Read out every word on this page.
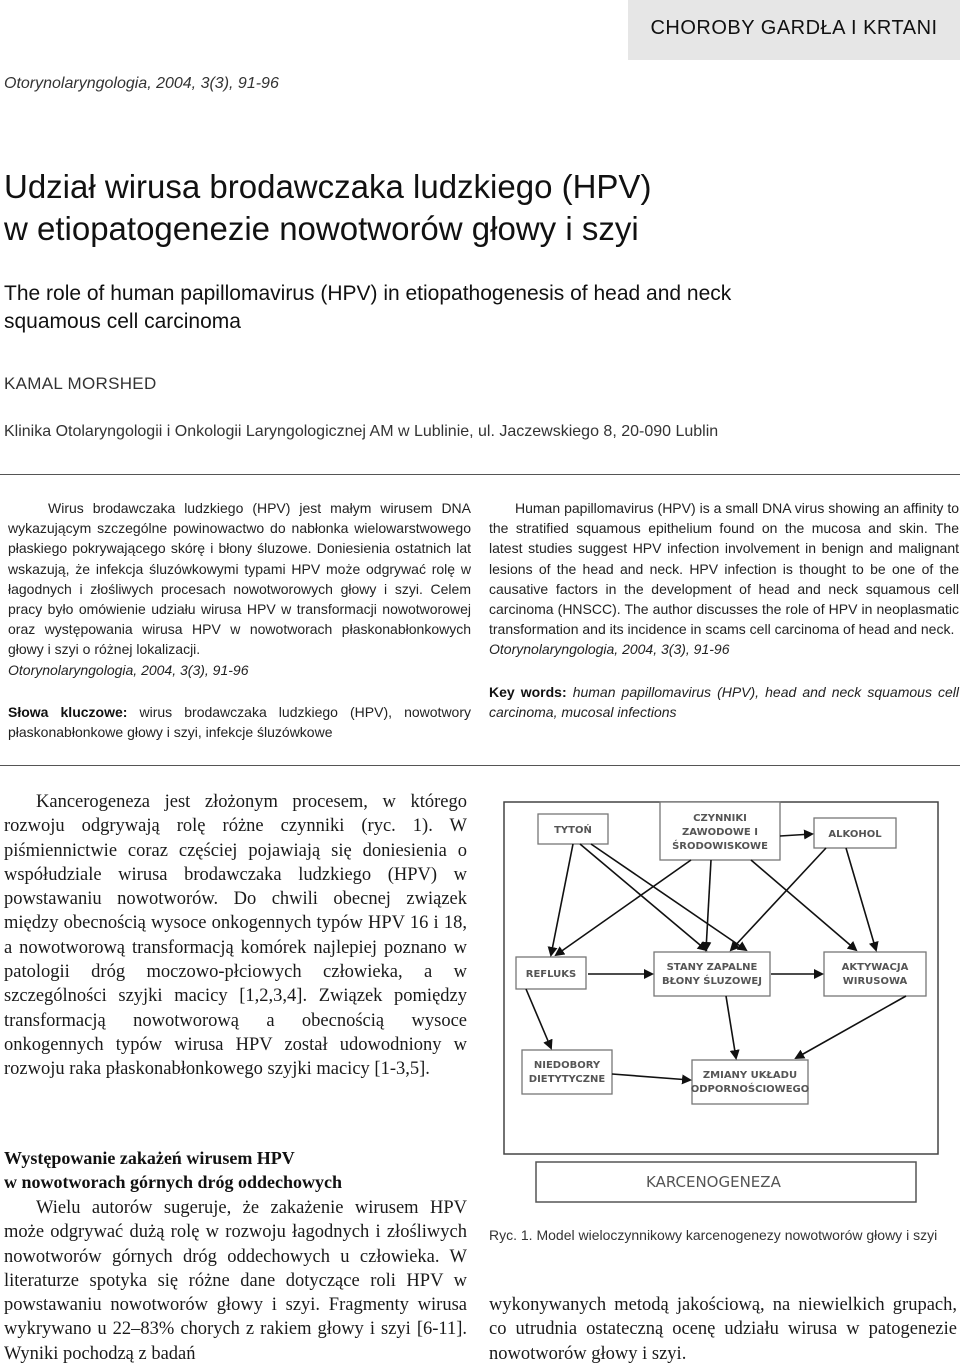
CHOROBY GARDŁA I KRTANI
Otorynolaryngologia, 2004, 3(3), 91-96
Udział wirusa brodawczaka ludzkiego (HPV)
w etiopatogenezie nowotworów głowy i szyi
The role of human papillomavirus (HPV) in etiopathogenesis of head and neck
squamous cell carcinoma
KAMAL MORSHED
Klinika Otolaryngologii i Onkologii Laryngologicznej AM w Lublinie, ul. Jaczewskiego 8, 20-090 Lublin

Wirus brodawczaka ludzkiego (HPV) jest małym wirusem DNA wykazującym szczególne powinowactwo do nabłonka wielowarstwowego płaskiego pokrywającego skórę i błony śluzowe. Doniesienia ostatnich lat wskazują, że infekcja śluzówkowymi typami HPV może odgrywać rolę w łagodnych i złośliwych procesach nowotworowych głowy i szyi. Celem pracy było omówienie udziału wirusa HPV w transformacji nowotworowej oraz występowania wirusa HPV w nowotworach płaskonabłonkowych głowy i szyi o różnej lokalizacji.

Otorynolaryngologia, 2004, 3(3), 91-96
Słowa kluczowe: wirus brodawczaka ludzkiego (HPV), nowotwory płaskonabłonkowe głowy i szyi, infekcje śluzówkowe

Human papillomavirus (HPV) is a small DNA virus showing an affinity to the stratified squamous epithelium found on the mucosa and skin. The latest studies suggest HPV infection involvement in benign and malignant lesions of the head and neck. HPV infection is thought to be one of the causative factors in the development of head and neck squamous cell carcinoma (HNSCC). The author discusses the role of HPV in neoplasmatic transformation and its incidence in scams cell carcinoma of head and neck.

Otorynolaryngologia, 2004, 3(3), 91-96
Key words: human papillomavirus (HPV), head and neck squamous cell carcinoma, mucosal infections

Kancerogeneza jest złożonym procesem, w którego rozwoju odgrywają rolę różne czynniki (ryc. 1). W piśmiennictwie coraz częściej pojawiają się doniesienia o współudziale wirusa brodawczaka ludzkiego (HPV) w powstawaniu nowotworów. Do chwili obecnej związek między obecnością wysoce onkogennych typów HPV 16 i 18, a nowotworową transformacją komórek najlepiej poznano w patologii dróg moczowo-płciowych człowieka, a w szczególności szyjki macicy [1,2,3,4]. Związek pomiędzy transformacją nowotworową a obecnością wysoce onkogennych typów wirusa HPV został udowodniony w rozwoju raka płaskonabłonkowego szyjki macicy [1-3,5].

Występowanie zakażeń wirusem HPV
w nowotworach górnych dróg oddechowych

Wielu autorów sugeruje, że zakażenie wirusem HPV może odgrywać dużą rolę w rozwoju łagodnych i złośliwych nowotworów górnych dróg oddechowych u człowieka. W literaturze spotyka się różne dane dotyczące roli HPV w powstawaniu nowotworów głowy i szyi. Fragmenty wirusa wykrywano u 22–83% chorych z rakiem głowy i szyi [6-11]. Wyniki pochodzą z badań

TYTOŃ
CZYNNIKI
ZAWODOWE I
ŚRODOWISKOWE
ALKOHOL
REFLUKS
STANY ZAPALNE
BŁONY ŚLUZOWEJ
AKTYWACJA
WIRUSOWA
NIEDOBORY
DIETYTYCZNE	ZMIANY UKŁADU
ODPORNOŚCIOWEGO
KARCENOGENEZA
Ryc. 1. Model wieloczynnikowy karcenogenezy nowotworów głowy i szyi

wykonywanych metodą jakościową, na niewielkich grupach, co utrudnia ostateczną ocenę udziału wirusa w patogenezie nowotworów głowy i szyi.
